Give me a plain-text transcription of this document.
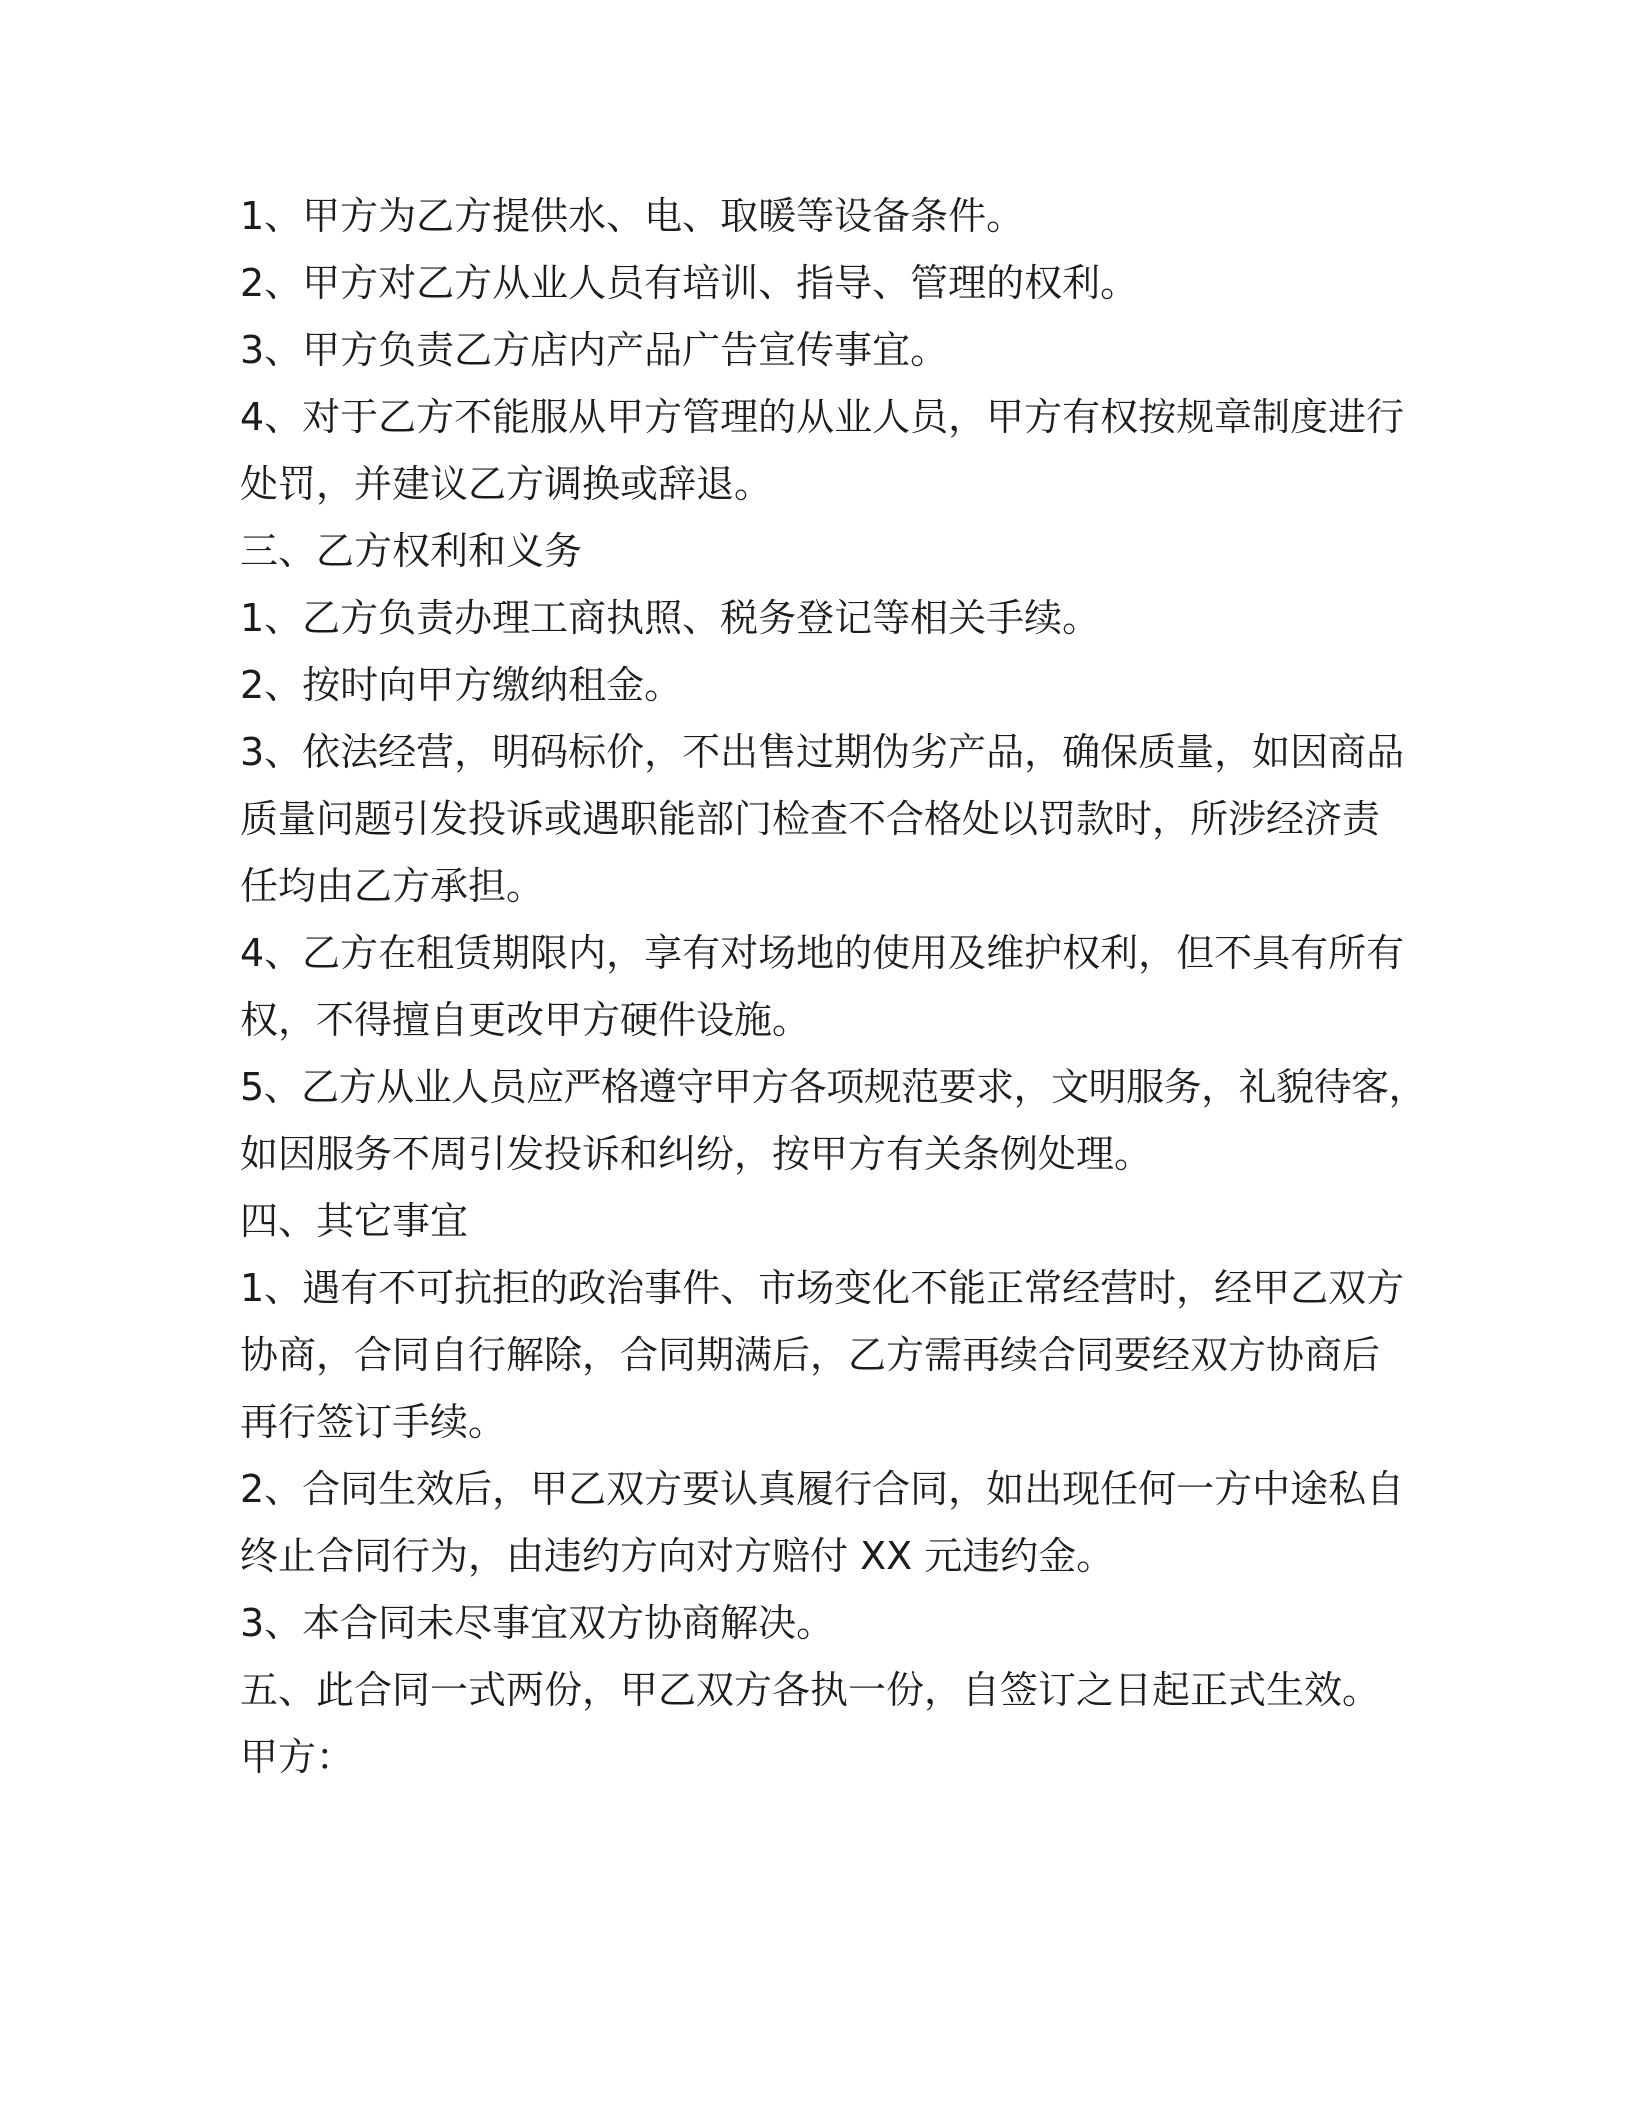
1、甲方为乙方提供水、电、取暖等设备条件。
2、甲方对乙方从业人员有培训、指导、管理的权利。
3、甲方负责乙方店内产品广告宣传事宜。
4、对于乙方不能服从甲方管理的从业人员，甲方有权按规章制度进行
处罚，并建议乙方调换或辞退。
三、乙方权利和义务
1、乙方负责办理工商执照、税务登记等相关手续。
2、按时向甲方缴纳租金。
3、依法经营，明码标价，不出售过期伪劣产品，确保质量，如因商品
质量问题引发投诉或遇职能部门检查不合格处以罚款时，所涉经济责
任均由乙方承担。
4、乙方在租赁期限内，享有对场地的使用及维护权利，但不具有所有
权，不得擅自更改甲方硬件设施。
5、乙方从业人员应严格遵守甲方各项规范要求，文明服务，礼貌待客，
如因服务不周引发投诉和纠纷，按甲方有关条例处理。
四、其它事宜
1、遇有不可抗拒的政治事件、市场变化不能正常经营时，经甲乙双方
协商，合同自行解除，合同期满后，乙方需再续合同要经双方协商后
再行签订手续。
2、合同生效后，甲乙双方要认真履行合同，如出现任何一方中途私自
终止合同行为，由违约方向对方赔付 XX 元违约金。
3、本合同未尽事宜双方协商解决。
五、此合同一式两份，甲乙双方各执一份，自签订之日起正式生效。
甲方：
